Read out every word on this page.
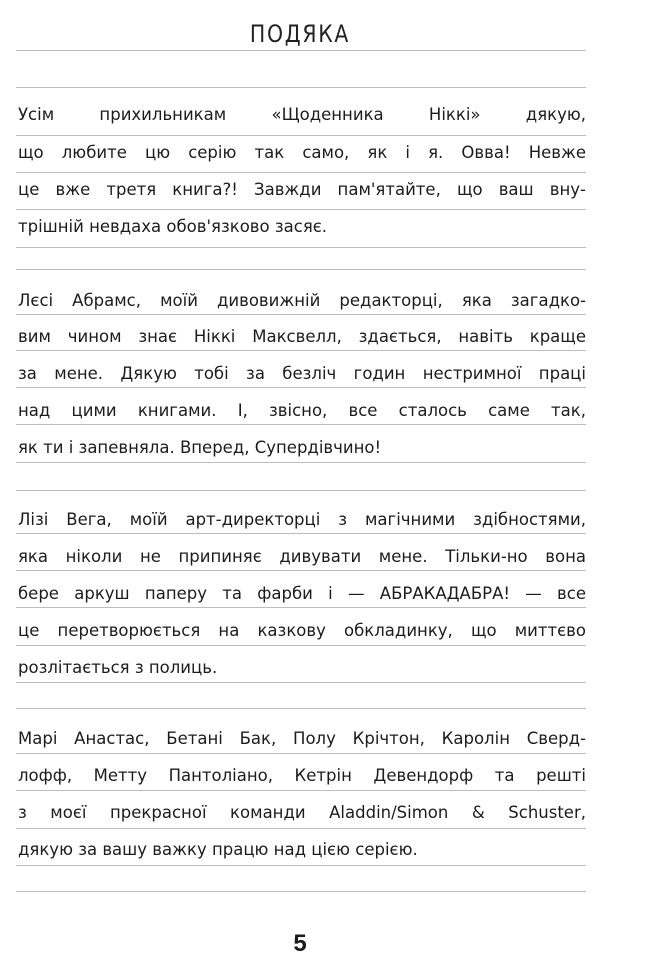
ПОДЯКА
Усім прихильникам «Щоденника Ніккі» дякую,
що любите цю серію так само, як і я. Овва! Невже
це вже третя книга?! Завжди пам'ятайте, що ваш вну-
трішній невдаха обов'язково засяє.
Лєсі Абрамс, моїй дивовижній редакторці, яка загадко-
вим чином знає Ніккі Максвелл, здається, навіть краще
за мене. Дякую тобі за безліч годин нестримної праці
над цими книгами. І, звісно, все сталось саме так,
як ти і запевняла. Вперед, Супердівчино!
Лізі Вега, моїй арт-директорці з магічними здібностями,
яка ніколи не припиняє дивувати мене. Тільки-но вона
бере аркуш паперу та фарби і — АБРАКАДАБРА! — все
це перетворюється на казкову обкладинку, що миттєво
розлітається з полиць.
Марі Анастас, Бетані Бак, Полу Крічтон, Каролін Сверд-
лофф, Метту Пантоліано, Кетрін Девендорф та решті
з моєї прекрасної команди Aladdin/Simon & Schuster,
дякую за вашу важку працю над цією серією.
5
